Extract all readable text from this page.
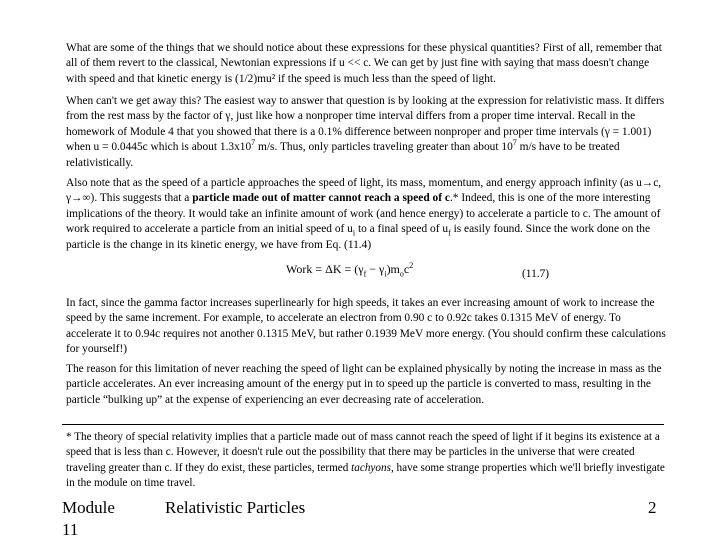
What are some of the things that we should notice about these expressions for these physical quantities? First of all, remember that all of them revert to the classical, Newtonian expressions if u << c. We can get by just fine with saying that mass doesn't change with speed and that kinetic energy is (1/2)mu² if the speed is much less than the speed of light.

When can't we get away this? The easiest way to answer that question is by looking at the expression for relativistic mass. It differs from the rest mass by the factor of γ, just like how a nonproper time interval differs from a proper time interval. Recall in the homework of Module 4 that you showed that there is a 0.1% difference between nonproper and proper time intervals (γ = 1.001) when u = 0.0445c which is about $1.3x10^7$ m/s. Thus, only particles traveling greater than about $10^7$ m/s have to be treated relativistically.

Also note that as the speed of a particle approaches the speed of light, its mass, momentum, and energy approach infinity (as u→c, γ→∞). This suggests that a particle made out of matter cannot reach a speed of c.* Indeed, this is one of the more interesting implications of the theory. It would take an infinite amount of work (and hence energy) to accelerate a particle to c. The amount of work required to accelerate a particle from an initial speed of $u_i$ to a final speed of $u_f$ is easily found. Since the work done on the particle is the change in its kinetic energy, we have from Eq. (11.4)

Work = $\Delta K = (\gamma_f - \gamma_i)m_oc^2$
(11.7)

In fact, since the gamma factor increases superlinearly for high speeds, it takes an ever increasing amount of work to increase the speed by the same increment. For example, to accelerate an electron from 0.90 c to 0.92c takes 0.1315 MeV of energy. To accelerate it to 0.94c requires not another 0.1315 MeV, but rather 0.1939 MeV more energy. (You should confirm these calculations for yourself!)

The reason for this limitation of never reaching the speed of light can be explained physically by noting the increase in mass as the particle accelerates. An ever increasing amount of the energy put in to speed up the particle is converted to mass, resulting in the particle “bulking up” at the expense of experiencing an ever decreasing rate of acceleration.

* The theory of special relativity implies that a particle made out of mass cannot reach the speed of light if it begins its existence at a speed that is less than c. However, it doesn't rule out the possibility that there may be particles in the universe that were created traveling greater than c. If they do exist, these particles, termed tachyons, have some strange properties which we'll briefly investigate in the module on time travel.

Module
11
Relativistic Particles	2
